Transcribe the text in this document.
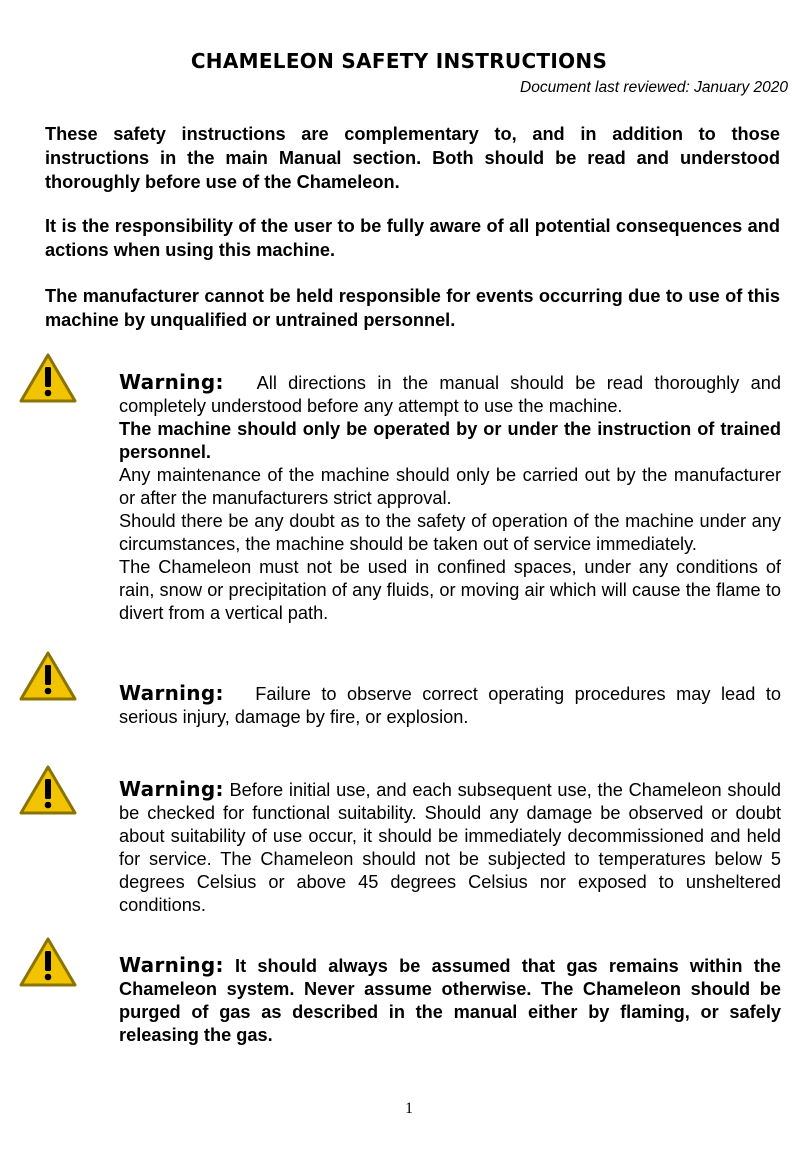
CHAMELEON SAFETY INSTRUCTIONS
Document last reviewed: January 2020

These safety instructions are complementary to, and in addition to those instructions in the main Manual section. Both should be read and understood thoroughly before use of the Chameleon.

It is the responsibility of the user to be fully aware of all potential consequences and actions when using this machine.

The manufacturer cannot be held responsible for events occurring due to use of this machine by unqualified or untrained personnel.

Warning: All directions in the manual should be read thoroughly and completely understood before any attempt to use the machine.

The machine should only be operated by or under the instruction of trained personnel.

Any maintenance of the machine should only be carried out by the manufacturer or after the manufacturers strict approval.

Should there be any doubt as to the safety of operation of the machine under any circumstances, the machine should be taken out of service immediately.

The Chameleon must not be used in confined spaces, under any conditions of rain, snow or precipitation of any fluids, or moving air which will cause the flame to divert from a vertical path.

Warning: Failure to observe correct operating procedures may lead to serious injury, damage by fire, or explosion.

Warning: Before initial use, and each subsequent use, the Chameleon should be checked for functional suitability. Should any damage be observed or doubt about suitability of use occur, it should be immediately decommissioned and held for service. The Chameleon should not be subjected to temperatures below 5 degrees Celsius or above 45 degrees Celsius nor exposed to unsheltered conditions.

Warning: It should always be assumed that gas remains within the Chameleon system. Never assume otherwise. The Chameleon should be purged of gas as described in the manual either by flaming, or safely releasing the gas.

1
